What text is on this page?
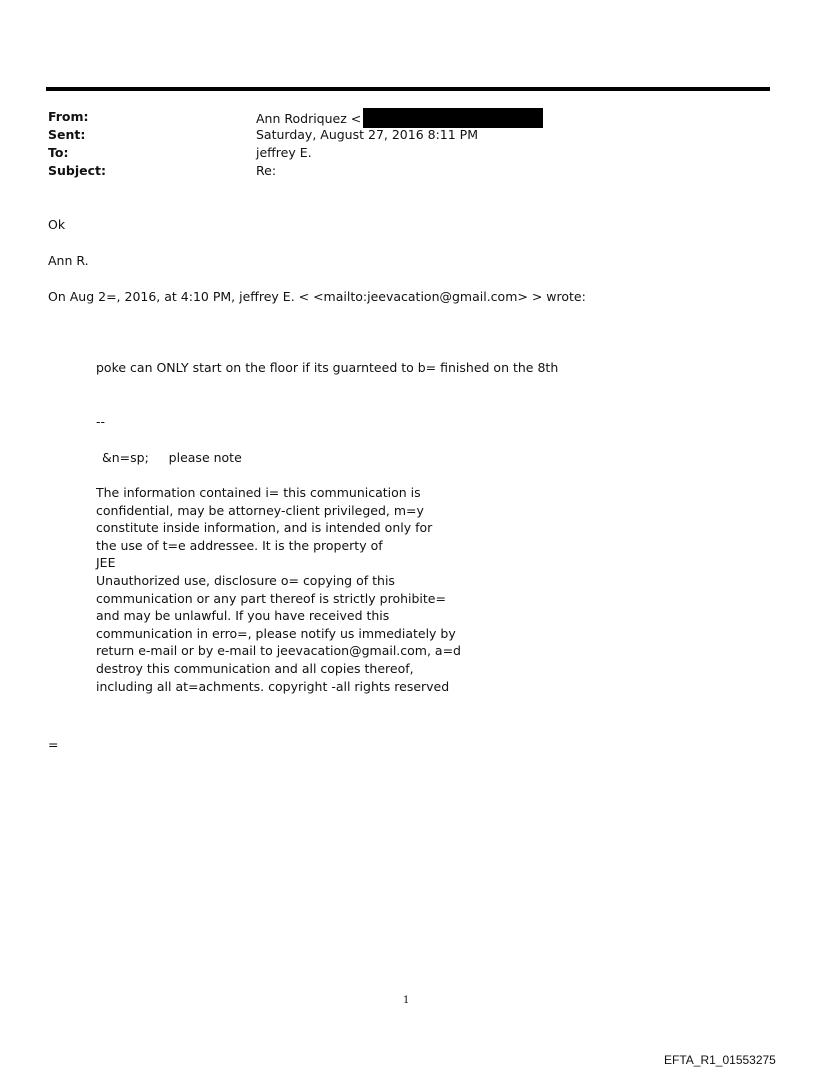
From:	Ann Rodriquez <
Sent:	Saturday, August 27, 2016 8:11 PM
To:	jeffrey E.
Subject:	Re:
Ok
Ann R.
On Aug 2=, 2016, at 4:10 PM, jeffrey E. < <mailto:jeevacation@gmail.com> > wrote:
poke can ONLY start on the floor if its guarnteed to b= finished on the 8th
--
&n=sp;     please note
The information contained i= this communication is
confidential, may be attorney-client privileged, m=y
constitute inside information, and is intended only for
the use of t=e addressee. It is the property of
JEE
Unauthorized use, disclosure o= copying of this
communication or any part thereof is strictly prohibite=
and may be unlawful. If you have received this
communication in erro=, please notify us immediately by
return e-mail or by e-mail to jeevacation@gmail.com, a=d
destroy this communication and all copies thereof,
including all at=achments. copyright -all rights reserved
=
1
EFTA_R1_01553275
